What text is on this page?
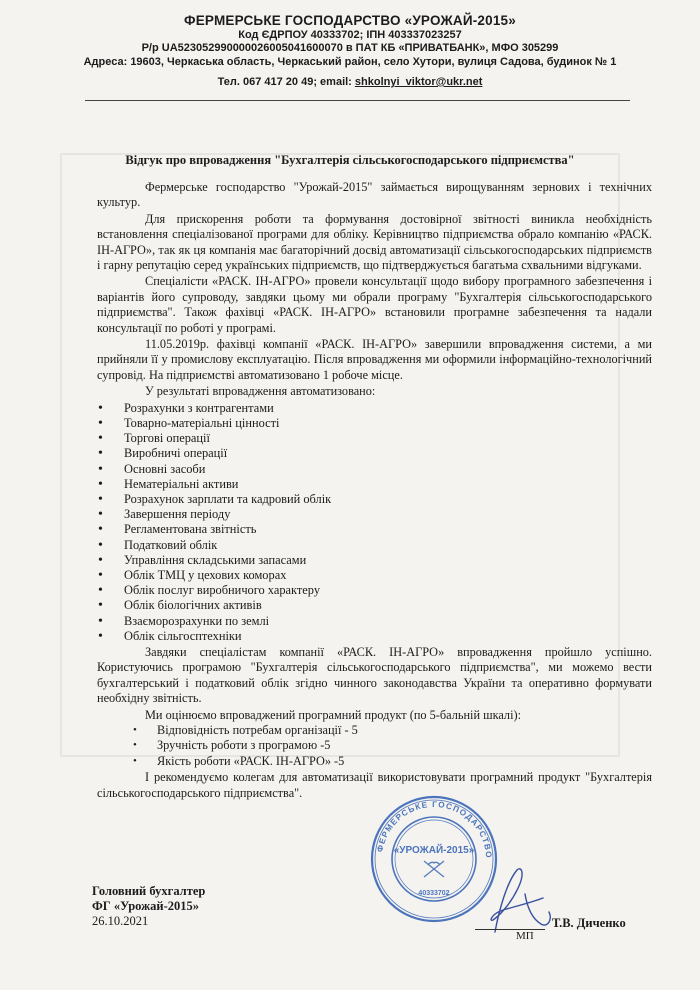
ФЕРМЕРСЬКЕ ГОСПОДАРСТВО «УРОЖАЙ-2015»
Код ЄДРПОУ 40333702; ІПН 403337023257
Р/р UA523052990000026005041600070 в ПАТ КБ «ПРИВАТБАНК», МФО 305299
Адреса: 19603, Черкаська область, Черкаський район, село Хутори, вулиця Садова, будинок № 1
Тел. 067 417 20 49; email: shkolnyi_viktor@ukr.net
Відгук про впровадження "Бухгалтерія сільськогосподарського підприємства"

Фермерське господарство "Урожай-2015" займається вирощуванням зернових і технічних культур.

Для прискорення роботи та формування достовірної звітності виникла необхідність встановлення спеціалізованої програми для обліку. Керівництво підприємства обрало компанію «РАСК. ІН-АГРО», так як ця компанія має багаторічний досвід автоматизації сільськогосподарських підприємств і гарну репутацію серед українських підприємств, що підтверджується багатьма схвальними відгуками.

Спеціалісти «РАСК. ІН-АГРО» провели консультації щодо вибору програмного забезпечення і варіантів його супроводу, завдяки цьому ми обрали програму "Бухгалтерія сільськогосподарського підприємства". Також фахівці «РАСК. ІН-АГРО» встановили програмне забезпечення та надали консультації по роботі у програмі.

11.05.2019р. фахівці компанії «РАСК. ІН-АГРО» завершили впровадження системи, а ми прийняли її у промислову експлуатацію. Після впровадження ми оформили інформаційно-технологічний супровід. На підприємстві автоматизовано 1 робоче місце.

У результаті впровадження автоматизовано:

• Розрахунки з контрагентами
• Товарно-матеріальні цінності
• Торгові операції
• Виробничі операції
• Основні засоби
• Нематеріальні активи
• Розрахунок зарплати та кадровий облік
• Завершення періоду
• Регламентована звітність
• Податковий облік
• Управління складськими запасами
• Облік ТМЦ у цехових коморах
• Облік послуг виробничого характеру
• Облік біологічних активів
• Взаєморозрахунки по землі
• Облік сільгосптехніки

Завдяки спеціалістам компанії «РАСК. ІН-АГРО» впровадження пройшло успішно. Користуючись програмою "Бухгалтерія сільськогосподарського підприємства", ми можемо вести бухгалтерський і податковий облік згідно чинного законодавства України та оперативно формувати необхідну звітність.

Ми оцінюємо впроваджений програмний продукт (по 5-бальній шкалі):

• Відповідність потребам організації - 5
• Зручність роботи з програмою -5
• Якість роботи «РАСК. ІН-АГРО» -5

І рекомендуємо колегам для автоматизації використовувати програмний продукт "Бухгалтерія сільськогосподарського підприємства".

Головний бухгалтер
ФГ «Урожай-2015»
26.10.2021
ФЕРМЕРСЬКЕ ГОСПОДАРСТВО
«УРОЖАЙ-2015»
40333702
Т.В. Диченко
МП
